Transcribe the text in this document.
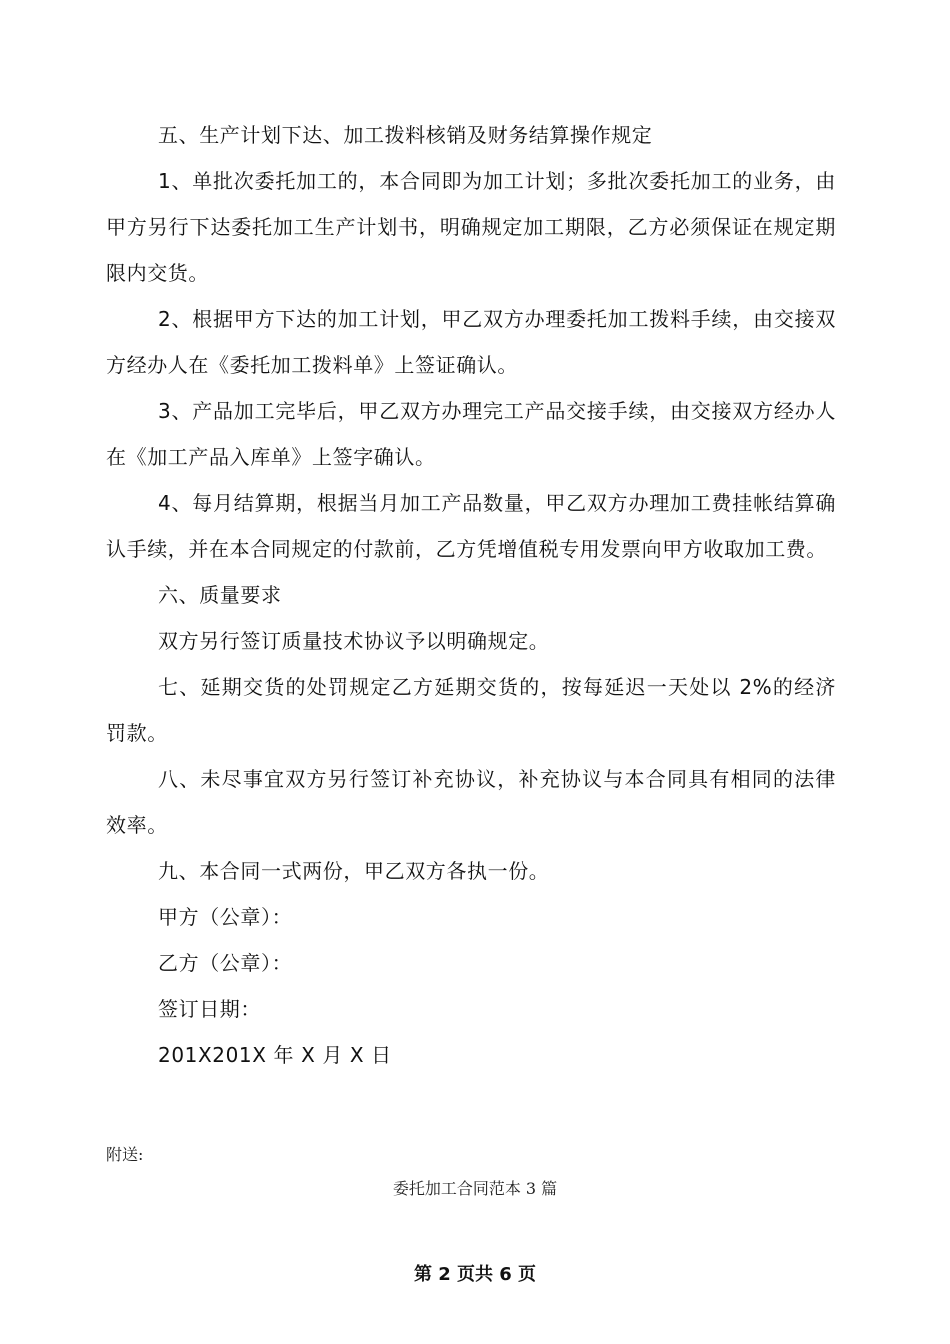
五、生产计划下达、加工拨料核销及财务结算操作规定

1、单批次委托加工的，本合同即为加工计划；多批次委托加工的业务，由甲方另行下达委托加工生产计划书，明确规定加工期限，乙方必须保证在规定期限内交货。

2、根据甲方下达的加工计划，甲乙双方办理委托加工拨料手续，由交接双方经办人在《委托加工拨料单》上签证确认。

3、产品加工完毕后，甲乙双方办理完工产品交接手续，由交接双方经办人在《加工产品入库单》上签字确认。

4、每月结算期，根据当月加工产品数量，甲乙双方办理加工费挂帐结算确认手续，并在本合同规定的付款前，乙方凭增值税专用发票向甲方收取加工费。

六、质量要求

双方另行签订质量技术协议予以明确规定。

七、延期交货的处罚规定乙方延期交货的，按每延迟一天处以 2%的经济罚款。

八、未尽事宜双方另行签订补充协议，补充协议与本合同具有相同的法律效率。

九、本合同一式两份，甲乙双方各执一份。

甲方（公章）：

乙方（公章）：

签订日期：

201X201X 年 X 月 X 日

附送:
委托加工合同范本 3 篇
第 2 页共 6 页
